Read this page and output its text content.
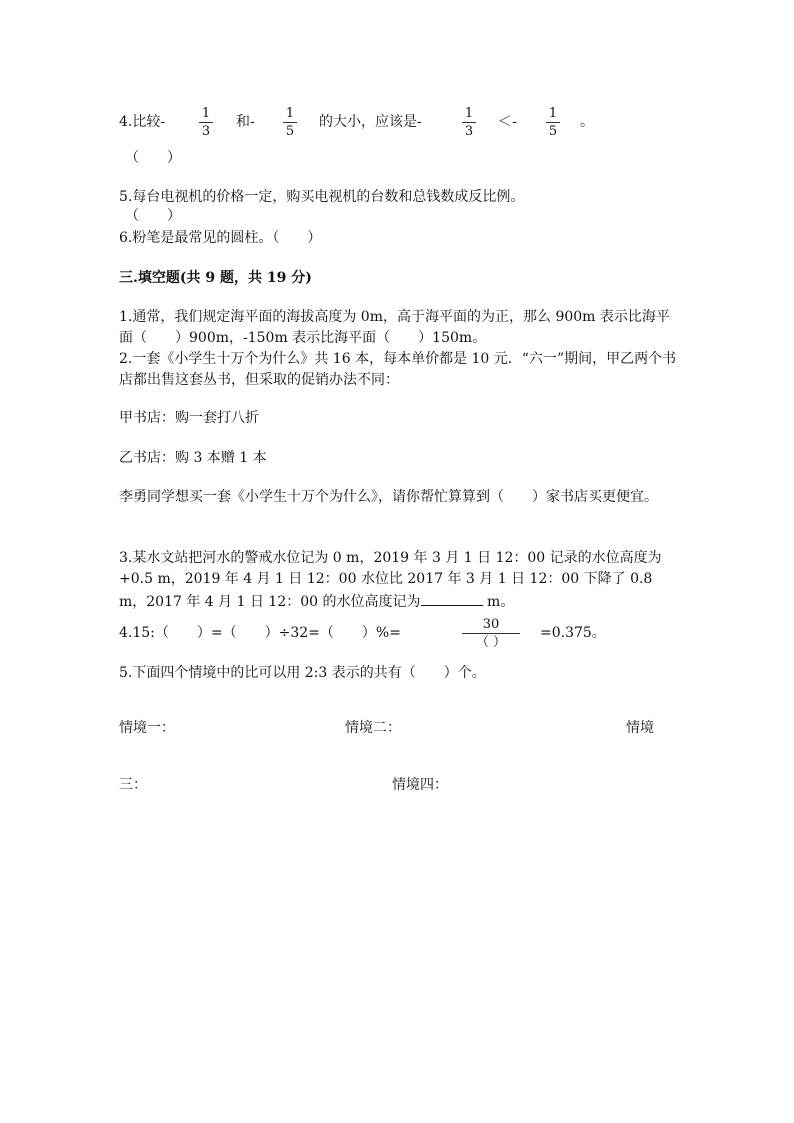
4.比较-
1
3
和-
1
5
的大小，应该是-
1
3
＜-
1
5
。
（　　）
5.每台电视机的价格一定，购买电视机的台数和总钱数成反比例。
（　　）
6.粉笔是最常见的圆柱。（　　）
三.填空题(共 9 题，共 19 分)
1.通常，我们规定海平面的海拔高度为 0m，高于海平面的为正，那么 900m 表示比海平面（　　）900m，-150m 表示比海平面（　　）150m。
2.一套《小学生十万个为什么》共 16 本，每本单价都是 10 元．“六一”期间，甲乙两个书店都出售这套丛书，但采取的促销办法不同：
甲书店：购一套打八折
乙书店：购 3 本赠 1 本
李勇同学想买一套《小学生十万个为什么》，请你帮忙算算到（　　）家书店买更便宜。
3.某水文站把河水的警戒水位记为 0 m，2019 年 3 月 1 日 12：00 记录的水位高度为+0.5 m，2019 年 4 月 1 日 12：00 水位比 2017 年 3 月 1 日 12：00 下降了 0.8 m，2017 年 4 月 1 日 12：00 的水位高度记为	m。
4.15:（　　）=（　　）÷32=（　　）%=
30
（ ）
=0.375。
5.下面四个情境中的比可以用 2:3 表示的共有（　　）个。
情境一：	情境二：	情境
三：	情境四：
